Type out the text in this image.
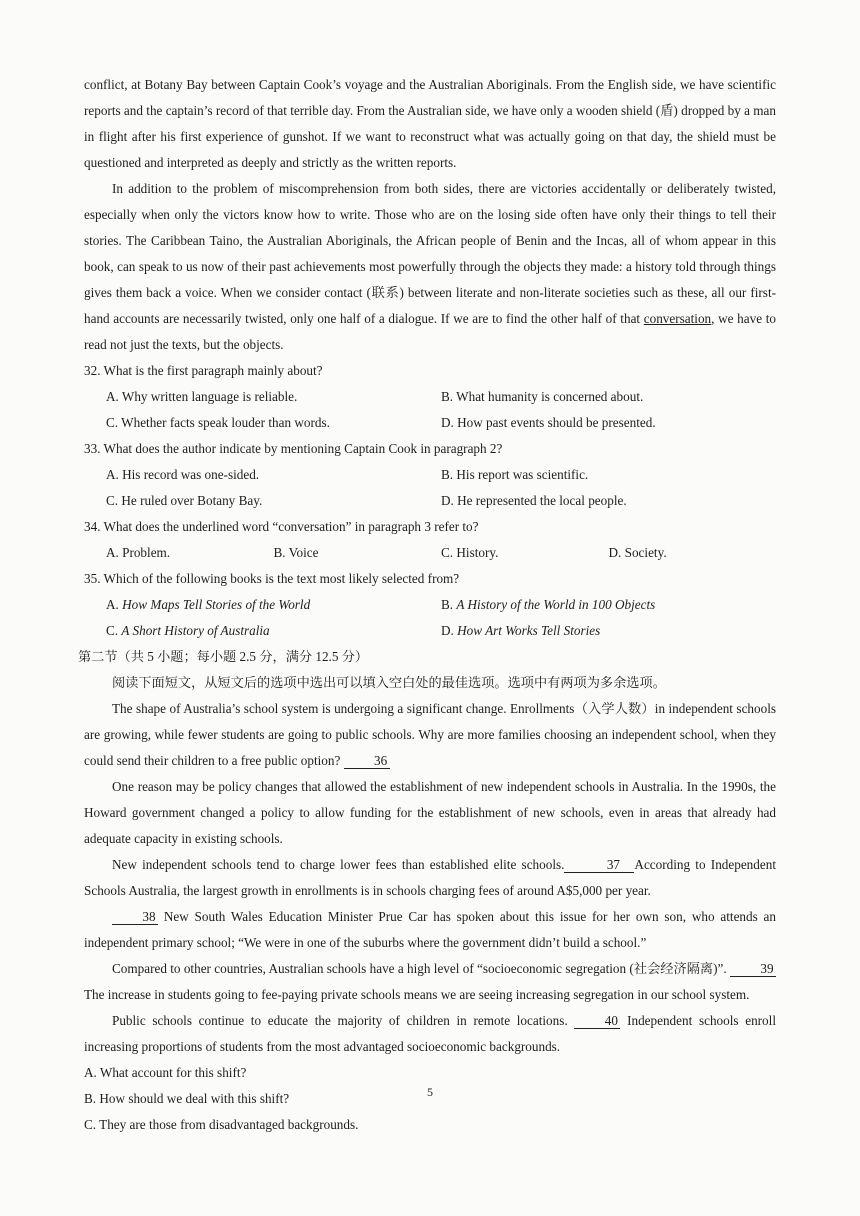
conflict, at Botany Bay between Captain Cook’s voyage and the Australian Aboriginals. From the English side, we have scientific reports and the captain’s record of that terrible day. From the Australian side, we have only a wooden shield (盾) dropped by a man in flight after his first experience of gunshot. If we want to reconstruct what was actually going on that day, the shield must be questioned and interpreted as deeply and strictly as the written reports.

In addition to the problem of miscomprehension from both sides, there are victories accidentally or deliberately twisted, especially when only the victors know how to write. Those who are on the losing side often have only their things to tell their stories. The Caribbean Taino, the Australian Aboriginals, the African people of Benin and the Incas, all of whom appear in this book, can speak to us now of their past achievements most powerfully through the objects they made: a history told through things gives them back a voice. When we consider contact (联系) between literate and non-literate societies such as these, all our first-hand accounts are necessarily twisted, only one half of a dialogue. If we are to find the other half of that conversation, we have to read not just the texts, but the objects.

32. What is the first paragraph mainly about?

A. Why written language is reliable.	B. What humanity is concerned about.
C. Whether facts speak louder than words.	D. How past events should be presented.

33. What does the author indicate by mentioning Captain Cook in paragraph 2?

A. His record was one-sided.	B. His report was scientific.
C. He ruled over Botany Bay.	D. He represented the local people.

34. What does the underlined word “conversation” in paragraph 3 refer to?

A. Problem.	B. Voice	C. History.	D. Society.

35. Which of the following books is the text most likely selected from?

A. How Maps Tell Stories of the World	B. A History of the World in 100 Objects
C. A Short History of Australia	D. How Art Works Tell Stories

第二节（共 5 小题；每小题 2.5 分，满分 12.5 分）

阅读下面短文，从短文后的选项中选出可以填入空白处的最佳选项。选项中有两项为多余选项。

The shape of Australia’s school system is undergoing a significant change. Enrollments（入学人数）in independent schools are growing, while fewer students are going to public schools. Why are more families choosing an independent school, when they could send their children to a free public option? 36

One reason may be policy changes that allowed the establishment of new independent schools in Australia. In the 1990s, the Howard government changed a policy to allow funding for the establishment of new schools, even in areas that already had adequate capacity in existing schools.

New independent schools tend to charge lower fees than established elite schools.	37 According to Independent Schools Australia, the largest growth in enrollments is in schools charging fees of around A$5,000 per year.

38 New South Wales Education Minister Prue Car has spoken about this issue for her own son, who attends an independent primary school; “We were in one of the suburbs where the government didn’t build a school.”

Compared to other countries, Australian schools have a high level of “socioeconomic segregation (社会经济隔离)”. 39The increase in students going to fee-paying private schools means we are seeing increasing segregation in our school system.

Public schools continue to educate the majority of children in remote locations. 40 Independent schools enroll increasing proportions of students from the most advantaged socioeconomic backgrounds.

A. What account for this shift?

B. How should we deal with this shift?

C. They are those from disadvantaged backgrounds.

5
